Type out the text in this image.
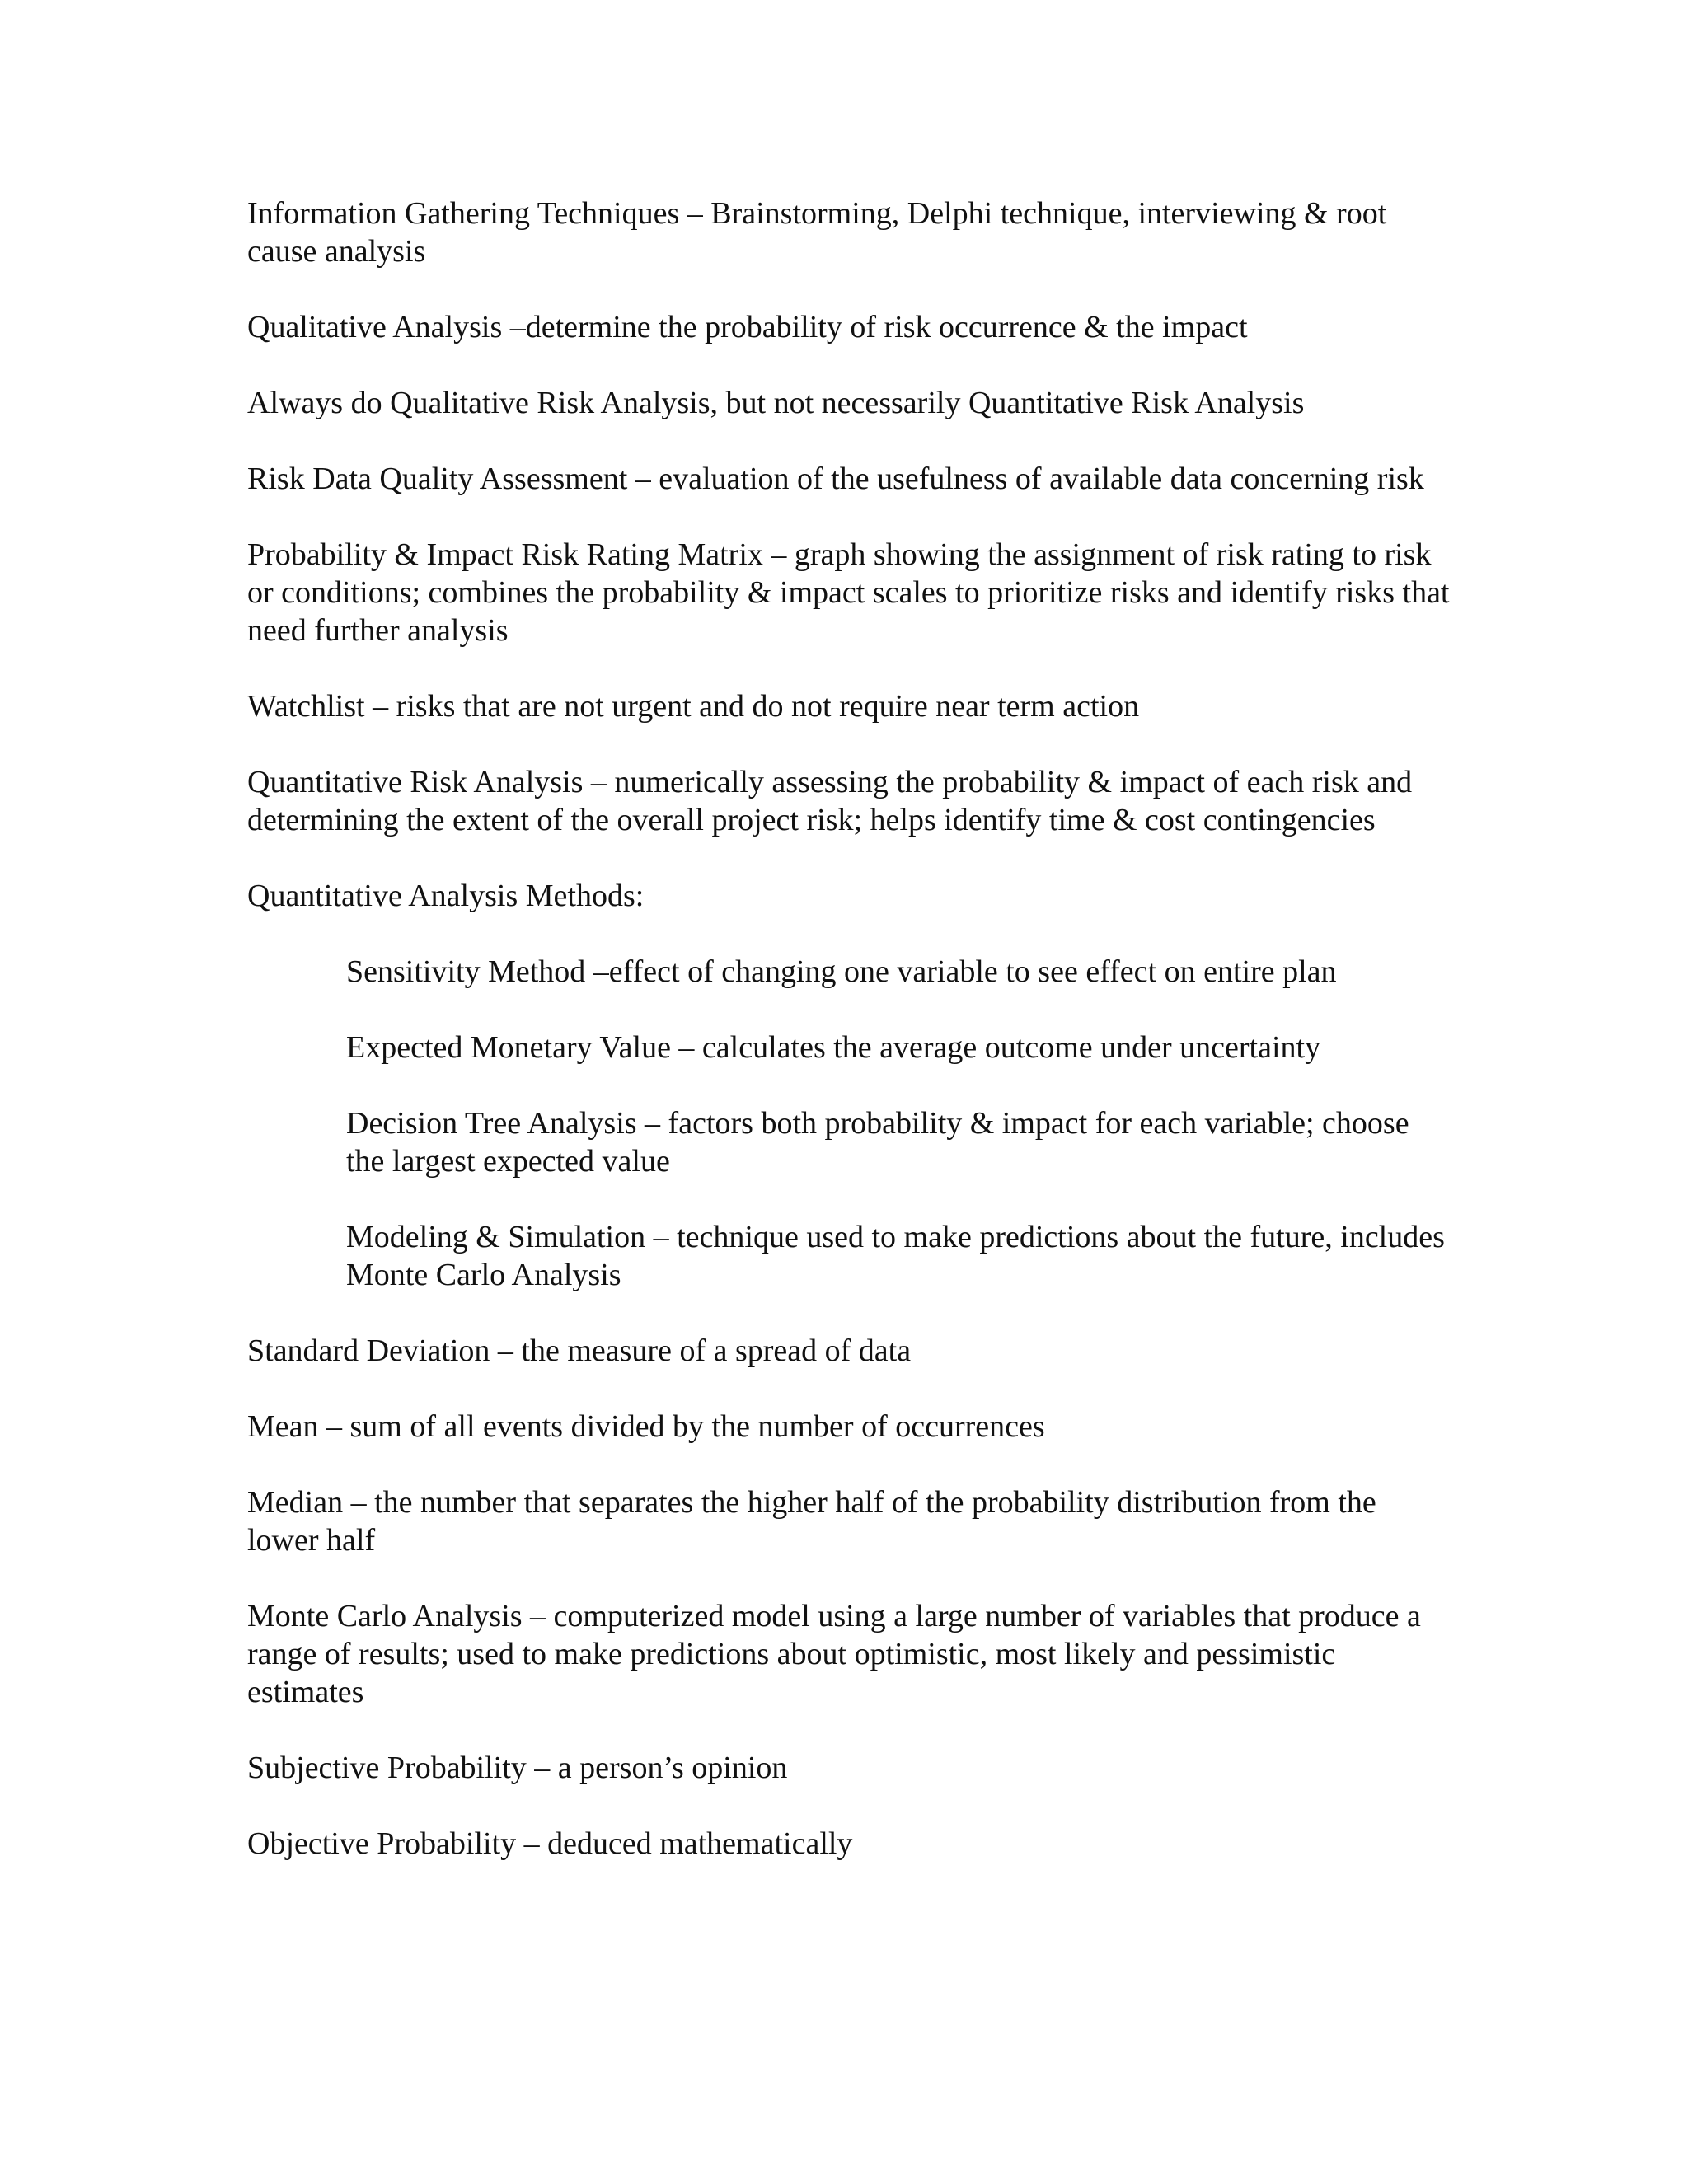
Information Gathering Techniques – Brainstorming, Delphi technique, interviewing & root cause analysis

Qualitative Analysis –determine the probability of risk occurrence & the impact

Always do Qualitative Risk Analysis, but not necessarily Quantitative Risk Analysis

Risk Data Quality Assessment – evaluation of the usefulness of available data concerning risk

Probability & Impact Risk Rating Matrix – graph showing the assignment of risk rating to risk or conditions; combines the probability & impact scales to prioritize risks and identify risks that need further analysis

Watchlist – risks that are not urgent and do not require near term action

Quantitative Risk Analysis – numerically assessing the probability & impact of each risk and determining the extent of the overall project risk; helps identify time & cost contingencies

Quantitative Analysis Methods:

Sensitivity Method –effect of changing one variable to see effect on entire plan

Expected Monetary Value – calculates the average outcome under uncertainty

Decision Tree Analysis – factors both probability & impact for each variable; choose the largest expected value

Modeling & Simulation – technique used to make predictions about the future, includes Monte Carlo Analysis

Standard Deviation – the measure of a spread of data

Mean – sum of all events divided by the number of occurrences

Median – the number that separates the higher half of the probability distribution from the lower half

Monte Carlo Analysis – computerized model using a large number of variables that produce a range of results; used to make predictions about optimistic, most likely and pessimistic estimates

Subjective Probability – a person’s opinion

Objective Probability – deduced mathematically
